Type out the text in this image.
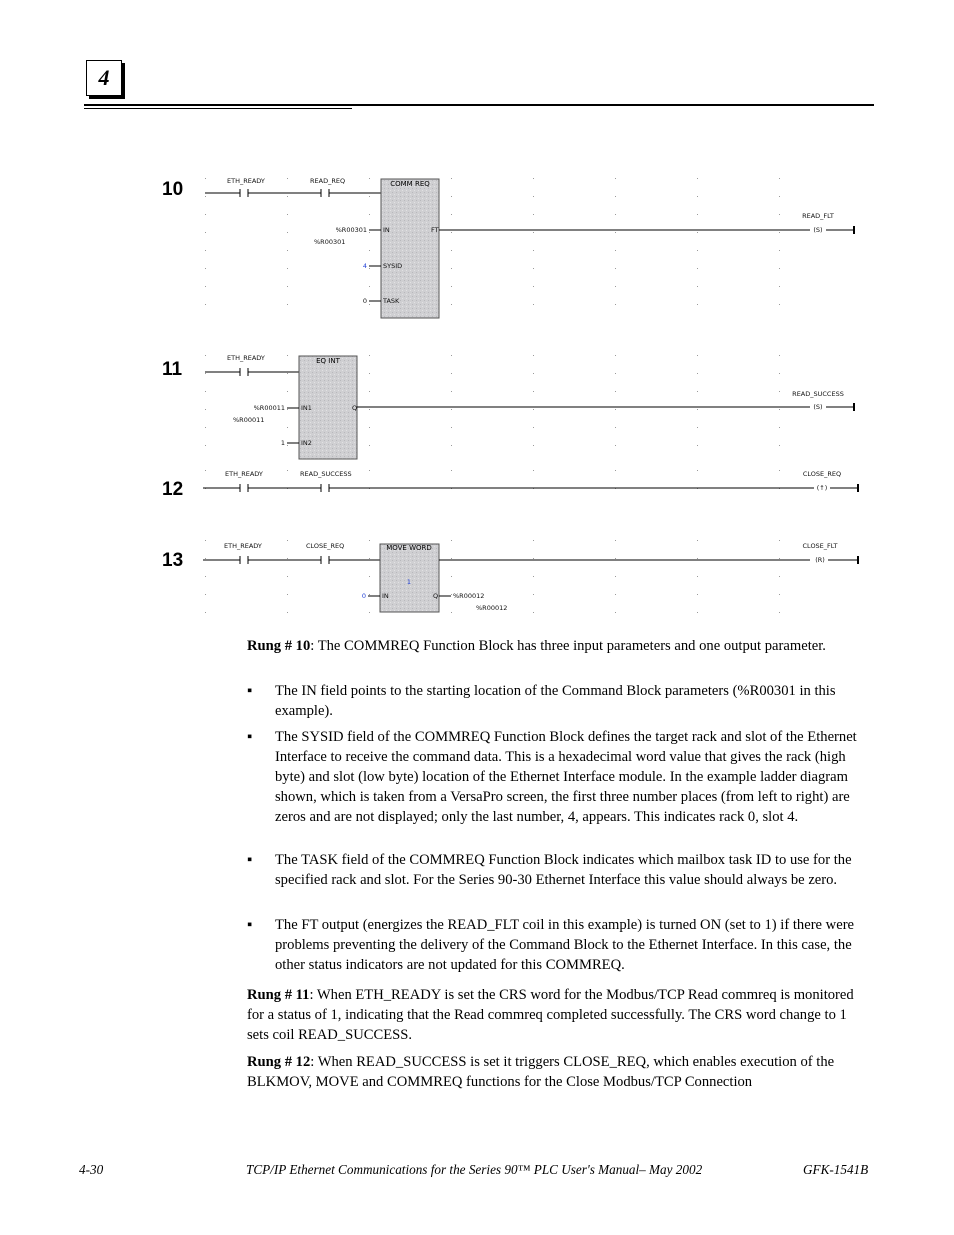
4
10	ETH_READY	READ_REQ	COMM REQ
IN
SYSID
TASK
FT
%R00301
4
0
%R00301
(S)
READ_FLT
11
ETH_READY	EQ INT
IN1
IN2
Q
%R00011
1
%R00011
(S)
READ_SUCCESS
12
ETH_READY	READ_SUCCESS
(↑)
CLOSE_REQ
13
ETH_READY	CLOSE_REQ	MOVE WORD
1
IN	Q
0	%R00012
%R00012
(R)
CLOSE_FLT

Rung # 10: The COMMREQ Function Block has three input parameters and one output parameter.

▪ The IN field points to the starting location of the Command Block parameters (%R00301 in this example).
▪ The SYSID field of the COMMREQ Function Block defines the target rack and slot of the Ethernet Interface to receive the command data. This is a hexadecimal word value that gives the rack (high byte) and slot (low byte) location of the Ethernet Interface module. In the example ladder diagram shown, which is taken from a VersaPro screen, the first three number places (from left to right) are zeros and are not displayed; only the last number, 4, appears. This indicates rack 0, slot 4.
▪ The TASK field of the COMMREQ Function Block indicates which mailbox task ID to use for the specified rack and slot. For the Series 90-30 Ethernet Interface this value should always be zero.
▪ The FT output (energizes the READ_FLT coil in this example) is turned ON (set to 1) if there were problems preventing the delivery of the Command Block to the Ethernet Interface. In this case, the other status indicators are not updated for this COMMREQ.

Rung # 11: When ETH_READY is set the CRS word for the Modbus/TCP Read commreq is monitored for a status of 1, indicating that the Read commreq completed successfully. The CRS word change to 1 sets coil READ_SUCCESS.

Rung # 12: When READ_SUCCESS is set it triggers CLOSE_REQ, which enables execution of the BLKMOV, MOVE and COMMREQ functions for the Close Modbus/TCP Connection

4-30	TCP/IP Ethernet Communications for the Series 90™ PLC User's Manual– May 2002	GFK-1541B
